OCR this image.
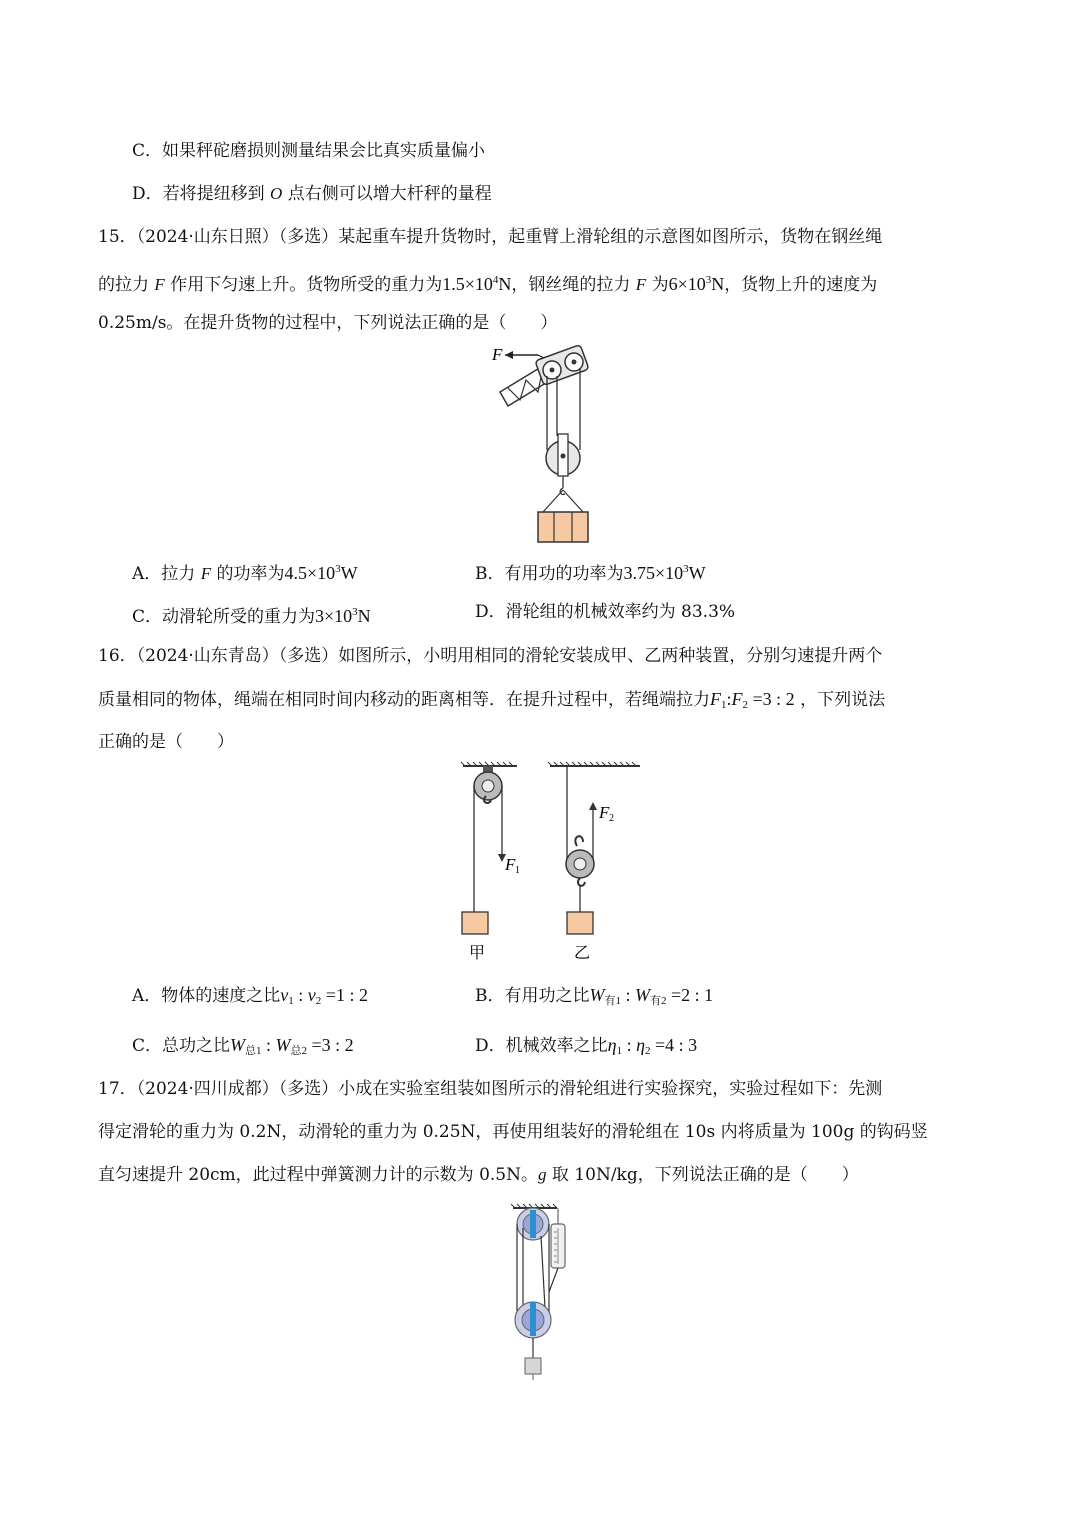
C．如果秤砣磨损则测量结果会比真实质量偏小
D．若将提纽移到 O 点右侧可以增大杆秤的量程
15．（2024·山东日照）（多选）某起重车提升货物时，起重臂上滑轮组的示意图如图所示，货物在钢丝绳
的拉力 F 作用下匀速上升。货物所受的重力为$1.5\times 10^4N$，钢丝绳的拉力 F 为$6\times 10^3N$，货物上升的速度为
0.25m/s。在提升货物的过程中，下列说法正确的是（　　）
F
A．拉力 F 的功率为$4.5\times 10^3W$	B．有用功的功率为$3.75\times 10^3W$
C．动滑轮所受的重力为$3\times 10^3N$	D．滑轮组的机械效率约为 83.3%
16．（2024·山东青岛）（多选）如图所示，小明用相同的滑轮安装成甲、乙两种装置，分别匀速提升两个
质量相同的物体，绳端在相同时间内移动的距离相等．在提升过程中，若绳端拉力$F_1:F_2 =3$ : 2 ，下列说法
正确的是（　　）
F 1
甲
F 2
乙
A．物体的速度之比$v_1$ : $v_2 =1$ : 2	B．有用功之比$W_{有1}$ : $W_{有2} =2$ : 1
C．总功之比$W_{总1}$ : $W_{总2} =3$ : 2	D．机械效率之比$\eta_1$ : $\eta_2 =4$ : 3
17．（2024·四川成都）（多选）小成在实验室组装如图所示的滑轮组进行实验探究，实验过程如下：先测
得定滑轮的重力为 0.2N，动滑轮的重力为 0.25N，再使用组装好的滑轮组在 10s 内将质量为 100g 的钩码竖
直匀速提升 20cm，此过程中弹簧测力计的示数为 0.5N。g 取 10N/kg，下列说法正确的是（　　）
